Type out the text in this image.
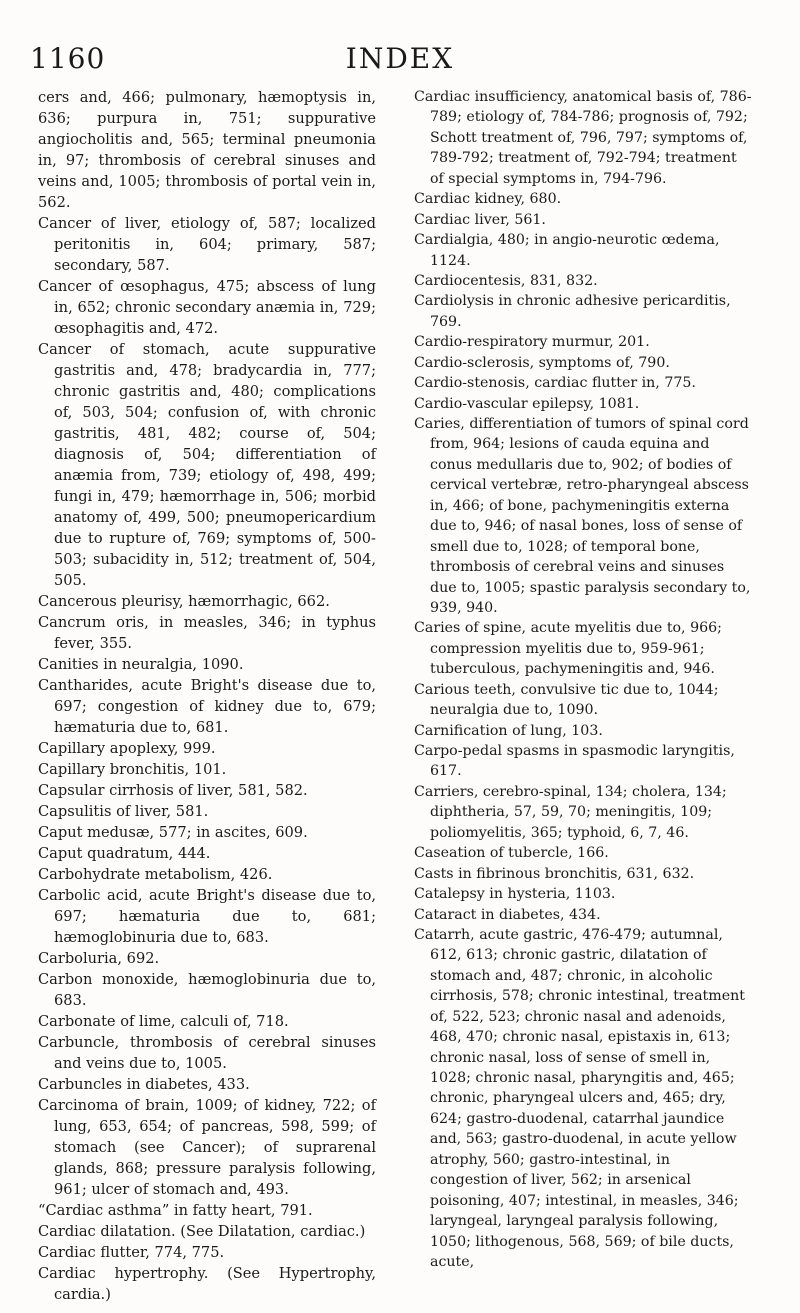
1160	INDEX

cers and, 466; pulmonary, hæmoptysis in, 636; purpura in, 751; suppurative angiocholitis and, 565; terminal pneumonia in, 97; thrombosis of cerebral sinuses and veins and, 1005; thrombosis of portal vein in, 562.

Cancer of liver, etiology of, 587; localized peritonitis in, 604; primary, 587; secondary, 587.

Cancer of œsophagus, 475; abscess of lung in, 652; chronic secondary anæmia in, 729; œsophagitis and, 472.

Cancer of stomach, acute suppurative gastritis and, 478; bradycardia in, 777; chronic gastritis and, 480; complications of, 503, 504; confusion of, with chronic gastritis, 481, 482; course of, 504; diagnosis of, 504; differentiation of anæmia from, 739; etiology of, 498, 499; fungi in, 479; hæmorrhage in, 506; morbid anatomy of, 499, 500; pneumopericardium due to rupture of, 769; symptoms of, 500-503; subacidity in, 512; treatment of, 504, 505.

Cancerous pleurisy, hæmorrhagic, 662.

Cancrum oris, in measles, 346; in typhus fever, 355.

Canities in neuralgia, 1090.

Cantharides, acute Bright's disease due to, 697; congestion of kidney due to, 679; hæmaturia due to, 681.

Capillary apoplexy, 999.

Capillary bronchitis, 101.

Capsular cirrhosis of liver, 581, 582.

Capsulitis of liver, 581.

Caput medusæ, 577; in ascites, 609.

Caput quadratum, 444.

Carbohydrate metabolism, 426.

Carbolic acid, acute Bright's disease due to, 697; hæmaturia due to, 681; hæmoglobinuria due to, 683.

Carboluria, 692.

Carbon monoxide, hæmoglobinuria due to, 683.

Carbonate of lime, calculi of, 718.

Carbuncle, thrombosis of cerebral sinuses and veins due to, 1005.

Carbuncles in diabetes, 433.

Carcinoma of brain, 1009; of kidney, 722; of lung, 653, 654; of pancreas, 598, 599; of stomach (see Cancer); of suprarenal glands, 868; pressure paralysis following, 961; ulcer of stomach and, 493.

“Cardiac asthma” in fatty heart, 791.

Cardiac dilatation. (See Dilatation, cardiac.)

Cardiac flutter, 774, 775.

Cardiac hypertrophy. (See Hypertrophy, cardia.)

Cardiac insufficiency, anatomical basis of, 786-789; etiology of, 784-786; prognosis of, 792; Schott treatment of, 796, 797; symptoms of, 789-792; treatment of, 792-794; treatment of special symptoms in, 794-796.

Cardiac kidney, 680.

Cardiac liver, 561.

Cardialgia, 480; in angio-neurotic œdema, 1124.

Cardiocentesis, 831, 832.

Cardiolysis in chronic adhesive pericarditis, 769.

Cardio-respiratory murmur, 201.

Cardio-sclerosis, symptoms of, 790.

Cardio-stenosis, cardiac flutter in, 775.

Cardio-vascular epilepsy, 1081.

Caries, differentiation of tumors of spinal cord from, 964; lesions of cauda equina and conus medullaris due to, 902; of bodies of cervical vertebræ, retro-pharyngeal abscess in, 466; of bone, pachymeningitis externa due to, 946; of nasal bones, loss of sense of smell due to, 1028; of temporal bone, thrombosis of cerebral veins and sinuses due to, 1005; spastic paralysis secondary to, 939, 940.

Caries of spine, acute myelitis due to, 966; compression myelitis due to, 959-961; tuberculous, pachymeningitis and, 946.

Carious teeth, convulsive tic due to, 1044; neuralgia due to, 1090.

Carnification of lung, 103.

Carpo-pedal spasms in spasmodic laryngitis, 617.

Carriers, cerebro-spinal, 134; cholera, 134; diphtheria, 57, 59, 70; meningitis, 109; poliomyelitis, 365; typhoid, 6, 7, 46.

Caseation of tubercle, 166.

Casts in fibrinous bronchitis, 631, 632.

Catalepsy in hysteria, 1103.

Cataract in diabetes, 434.

Catarrh, acute gastric, 476-479; autumnal, 612, 613; chronic gastric, dilatation of stomach and, 487; chronic, in alcoholic cirrhosis, 578; chronic intestinal, treatment of, 522, 523; chronic nasal and adenoids, 468, 470; chronic nasal, epistaxis in, 613; chronic nasal, loss of sense of smell in, 1028; chronic nasal, pharyngitis and, 465; chronic, pharyngeal ulcers and, 465; dry, 624; gastro-duodenal, catarrhal jaundice and, 563; gastro-duodenal, in acute yellow atrophy, 560; gastro-intestinal, in congestion of liver, 562; in arsenical poisoning, 407; intestinal, in measles, 346; laryngeal, laryngeal paralysis following, 1050; lithogenous, 568, 569; of bile ducts, acute,
